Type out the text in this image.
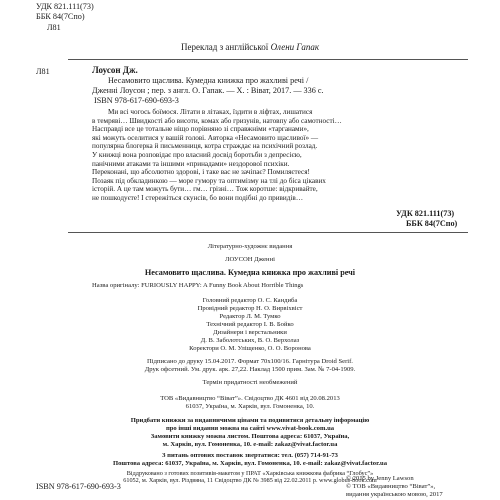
УДК 821.111(73)
ББК 84(7Спо)
Л81
Переклад з англійської Олени Гапак
Л81	Лоусон Дж.
Несамовито щаслива. Кумедна книжка про жахливі речі /
Дженні Лоусон ; пер. з англ. О. Гапак. — Х. : Віват, 2017. — 336 с.
ISBN 978-617-690-693-3
Ми всі чогось боїмося. Літати в літаках, їздити в ліфтах, лишатися
в темряві… Швидкості або висоти, комах або гризунів, натовпу або самотності…
Насправді все це тотальне ніщо порівняно зі справжніми «тарганами»,
які можуть оселитися у вашій голові. Авторка «Несамовито щасливої» —
популярна блогерка й письменниця, котра страждає на психічний розлад.
У книжці вона розповідає про власний досвід боротьби з депресією,
панічними атаками та іншими «принадами» нездорової психіки.
Переконані, що абсолютно здорові, і таке вас не зачіпає? Помиляєтеся!
Позаяк під обкладинкою — море гумору та оптимізму на тлі до біса цікавих
історій. А це там можуть бути… гм… грізні… Тож коротше: відкривайте,
не пошкодуєте! І стережіться скунсів, бо вони подібні до привидів…
УДК 821.111(73)
ББК 84(7Спо)
Літературно-художнє видання
ЛОУСОН Дженні
Несамовито щаслива. Кумедна книжка про жахливі речі
Назва оригіналу: FURIOUSLY HAPPY: A Funny Book About Horrible Things
Головний редактор О. С. Кандиба
Провідний редактор Н. О. Вирвіхвіст
Редактор Л. М. Тумко
Технічний редактор І. В. Бойко
Дизайнери і верстальники
Д. В. Заболотських, В. О. Верхолаз
Коректори О. М. Уліщенко, О. О. Воронова
Підписано до друку 15.04.2017. Формат 70х100/16. Гарнітура Droid Serif.
Друк офсетний. Ум. друк. арк. 27,22. Наклад 1500 прим. Зам. № 7-04-1909.
Термін придатності необмежений
ТОВ «Видавництво “Віват”». Свідоцтво ДК 4601 від 20.08.2013
61037, Україна, м. Харків, вул. Гомоненка, 10.
Придбати книжки за видавничими цінами та подивитися детальну інформацію
про інші видання можна на сайті www.vivat-book.com.ua
Замовити книжку можна листом. Поштова адреса: 61037, Україна,
м. Харків, вул. Гомоненка, 10. e-mail: zakaz@vivat.factor.ua
З питань оптових поставок звертатися: тел. (057) 714-91-73
Поштова адреса: 61037, Україна, м. Харків, вул. Гомоненка, 10. e-mail: zakaz@vivat.factor.ua
Віддруковано з готових позитивів-макетом у ПРАТ «Харківська книжкова фабрика “Глобус”»
61052, м. Харків, вул. Різдвяна, 11 Свідоцтво ДК № 3985 від 22.02.2011 р. www.globus-book.com
ISBN 978-617-690-693-3
© 2015 by Jenny Lawson
© ТОВ «Видавництво “Віват”»,
видання українською мовою, 2017
